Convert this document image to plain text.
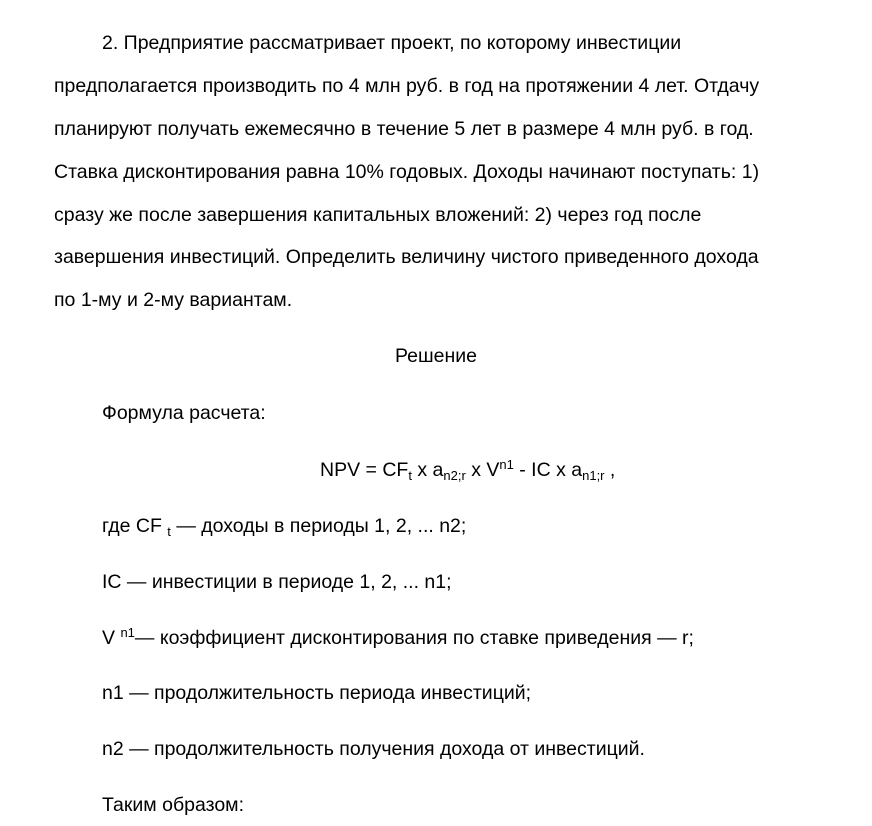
2. Предприятие рассматривает проект, по которому инвестиции
предполагается производить по 4 млн руб. в год на протяжении 4 лет. Отдачу
планируют получать ежемесячно в течение 5 лет в размере 4 млн руб. в год.
Ставка дисконтирования равна 10% годовых. Доходы начинают поступать: 1)
сразу же после завершения капитальных вложений: 2) через год после
завершения инвестиций. Определить величину чистого приведенного дохода
по 1-му и 2-му вариантам.
Решение
Формула расчета:
NPV = $CF_t$ x $a_{n2;r}$ x $V^{n1}$ - IC x $a_{n1;r}$ ,
где CF $_t$ — доходы в периоды 1, 2, ... n2;
IC — инвестиции в периоде 1, 2, ... n1;
V $^{n1}$— коэффициент дисконтирования по ставке приведения — r;
n1 — продолжительность периода инвестиций;
n2 — продолжительность получения дохода от инвестиций.
Таким образом:
